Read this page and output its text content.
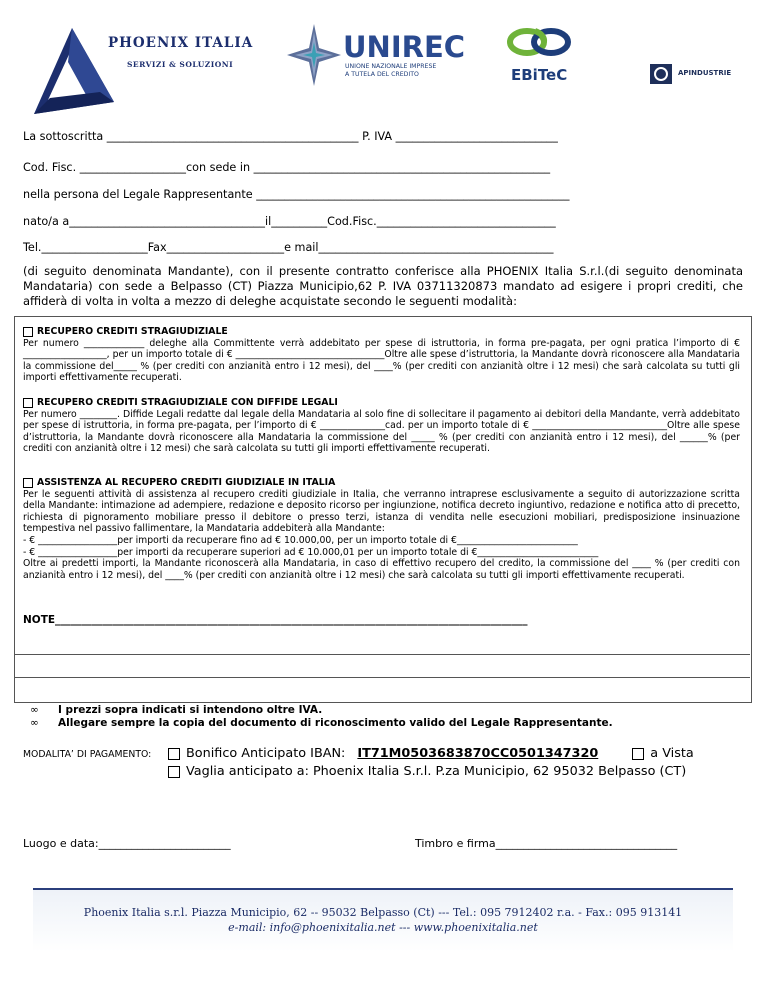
PHOENIX ITALIA
SERVIZI & SOLUZIONI
UNIREC
UNIONE NAZIONALE IMPRESE
A TUTELA DEL CREDITO	EBiTeC	APINDUSTRIE
La sottoscritta _____________________________________________ P. IVA _____________________________
Cod. Fisc. ___________________con sede in _____________________________________________________
nella persona del Legale Rappresentante ________________________________________________________
nato/a a___________________________________il__________Cod.Fisc.________________________________
Tel.___________________Fax_____________________e mail__________________________________________
(di seguito denominata Mandante), con il presente contratto conferisce alla PHOENIX Italia S.r.l.(di seguito denominata Mandataria) con sede a Belpasso (CT) Piazza Municipio,62 P. IVA 03711320873 mandato ad esigere i propri crediti, che affiderà di volta in volta a mezzo di deleghe acquistate secondo le seguenti modalità:
RECUPERO CREDITI STRAGIUDIZIALE
Per numero _____________ deleghe alla Committente verrà addebitato per spese di istruttoria, in forma pre-pagata, per ogni pratica l’importo di € __________________, per un importo totale di € ________________________________Oltre alle spese d’istruttoria, la Mandante dovrà riconoscere alla Mandataria la commissione del_____ % (per crediti con anzianità entro i 12 mesi), del ____% (per crediti con anzianità oltre i 12 mesi) che sarà calcolata su tutti gli importi effettivamente recuperati.
RECUPERO CREDITI STRAGIUDIZIALE CON DIFFIDE LEGALI
Per numero ________. Diffide Legali redatte dal legale della Mandataria al solo fine di sollecitare il pagamento ai debitori della Mandante, verrà addebitato per spese di istruttoria, in forma pre-pagata, per l’importo di € ______________cad. per un importo totale di € _____________________________Oltre alle spese d’istruttoria, la Mandante dovrà riconoscere alla Mandataria la commissione del _____ % (per crediti con anzianità entro i 12 mesi), del ______% (per crediti con anzianità oltre i 12 mesi) che sarà calcolata su tutti gli importi effettivamente recuperati.
ASSISTENZA AL RECUPERO CREDITI GIUDIZIALE IN ITALIA
Per le seguenti attività di assistenza al recupero crediti giudiziale in Italia, che verranno intraprese esclusivamente a seguito di autorizzazione scritta della Mandante: intimazione ad adempiere, redazione e deposito ricorso per ingiunzione, notifica decreto ingiuntivo, redazione e notifica atto di precetto, richiesta di pignoramento mobiliare presso il debitore o presso terzi, istanza di vendita nelle esecuzioni mobiliari, predisposizione insinuazione tempestiva nel passivo fallimentare, la Mandataria addebiterà alla Mandante:
- € _________________per importi da recuperare fino ad € 10.000,00, per un importo totale di €__________________________
- € _________________per importi da recuperare superiori ad € 10.000,01 per un importo totale di €__________________________
Oltre ai predetti importi, la Mandante riconoscerà alla Mandataria, in caso di effettivo recupero del credito, la commissione del ____ % (per crediti con anzianità entro i 12 mesi), del ____% (per crediti con anzianità oltre i 12 mesi) che sarà calcolata su tutti gli importi effettivamente recuperati.
NOTE__________________________________________________________________________________________
∞ I prezzi sopra indicati si intendono oltre IVA.
∞ Allegare sempre la copia del documento di riconoscimento valido del Legale Rappresentante.
MODALITA’ DI PAGAMENTO:	Bonifico Anticipato IBAN: IT71M0503683870CC0501347320	a Vista
Vaglia anticipato a: Phoenix Italia S.r.l. P.za Municipio, 62 95032 Belpasso (CT)
Luogo e data:________________________	Timbro e firma_________________________________
Phoenix Italia s.r.l. Piazza Municipio, 62 -- 95032 Belpasso (Ct) --- Tel.: 095 7912402 r.a. - Fax.: 095 913141
e-mail: info@phoenixitalia.net --- www.phoenixitalia.net
